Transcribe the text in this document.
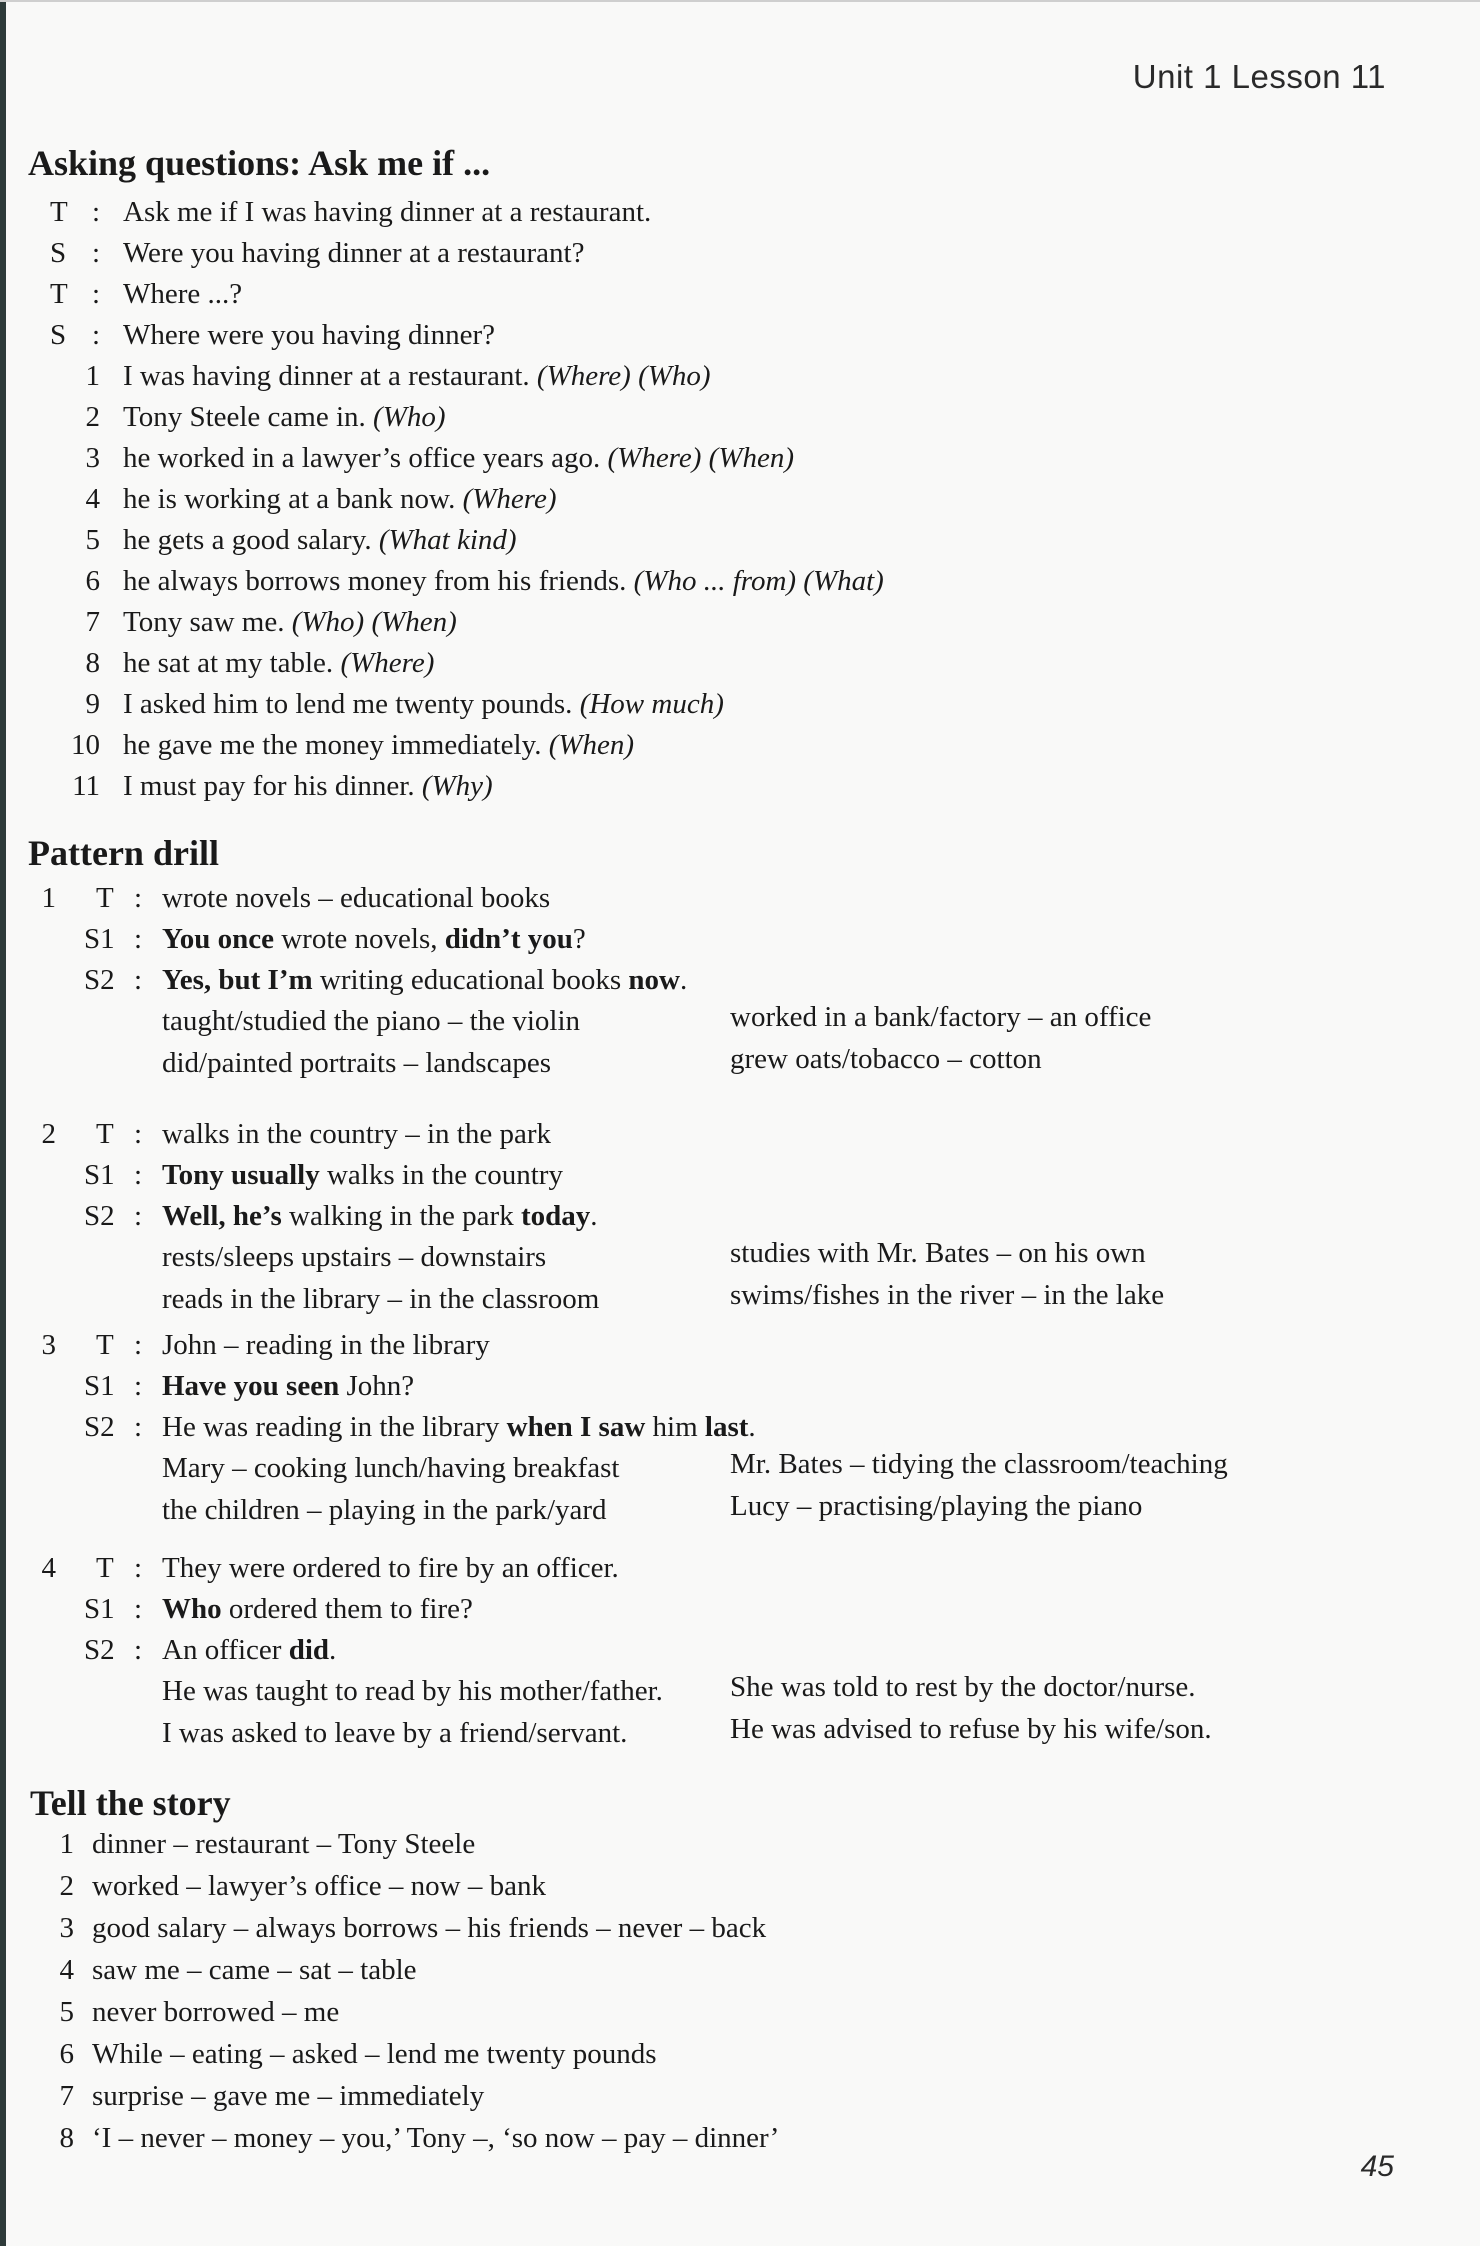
Unit 1 Lesson 11
Asking questions: Ask me if ...
T : Ask me if I was having dinner at a restaurant.
S : Were you having dinner at a restaurant?
T : Where ...?
S : Where were you having dinner?
1 I was having dinner at a restaurant. (Where) (Who)
2 Tony Steele came in. (Who)
3 he worked in a lawyer’s office years ago. (Where) (When)
4 he is working at a bank now. (Where)
5 he gets a good salary. (What kind)
6 he always borrows money from his friends. (Who ... from) (What)
7 Tony saw me. (Who) (When)
8 he sat at my table. (Where)
9 I asked him to lend me twenty pounds. (How much)
10 he gave me the money immediately. (When)
11 I must pay for his dinner. (Why)
Pattern drill
1 T : wrote novels – educational books
S1 : You once wrote novels, didn’t you?
S2 : Yes, but I’m writing educational books now.
taught/studied the piano – the violin
did/painted portraits – landscapes
worked in a bank/factory – an office
grew oats/tobacco – cotton
2 T : walks in the country – in the park
S1 : Tony usually walks in the country
S2 : Well, he’s walking in the park today.
rests/sleeps upstairs – downstairs
reads in the library – in the classroom
studies with Mr. Bates – on his own
swims/fishes in the river – in the lake
3 T : John – reading in the library
S1 : Have you seen John?
S2 : He was reading in the library when I saw him last.
Mary – cooking lunch/having breakfast
the children – playing in the park/yard
Mr. Bates – tidying the classroom/teaching
Lucy – practising/playing the piano
4 T : They were ordered to fire by an officer.
S1 : Who ordered them to fire?
S2 : An officer did.
He was taught to read by his mother/father.
I was asked to leave by a friend/servant.
She was told to rest by the doctor/nurse.
He was advised to refuse by his wife/son.
Tell the story
1 dinner – restaurant – Tony Steele
2 worked – lawyer’s office – now – bank
3 good salary – always borrows – his friends – never – back
4 saw me – came – sat – table
5 never borrowed – me
6 While – eating – asked – lend me twenty pounds
7 surprise – gave me – immediately
8 ‘I – never – money – you,’ Tony –, ‘so now – pay – dinner’
45
